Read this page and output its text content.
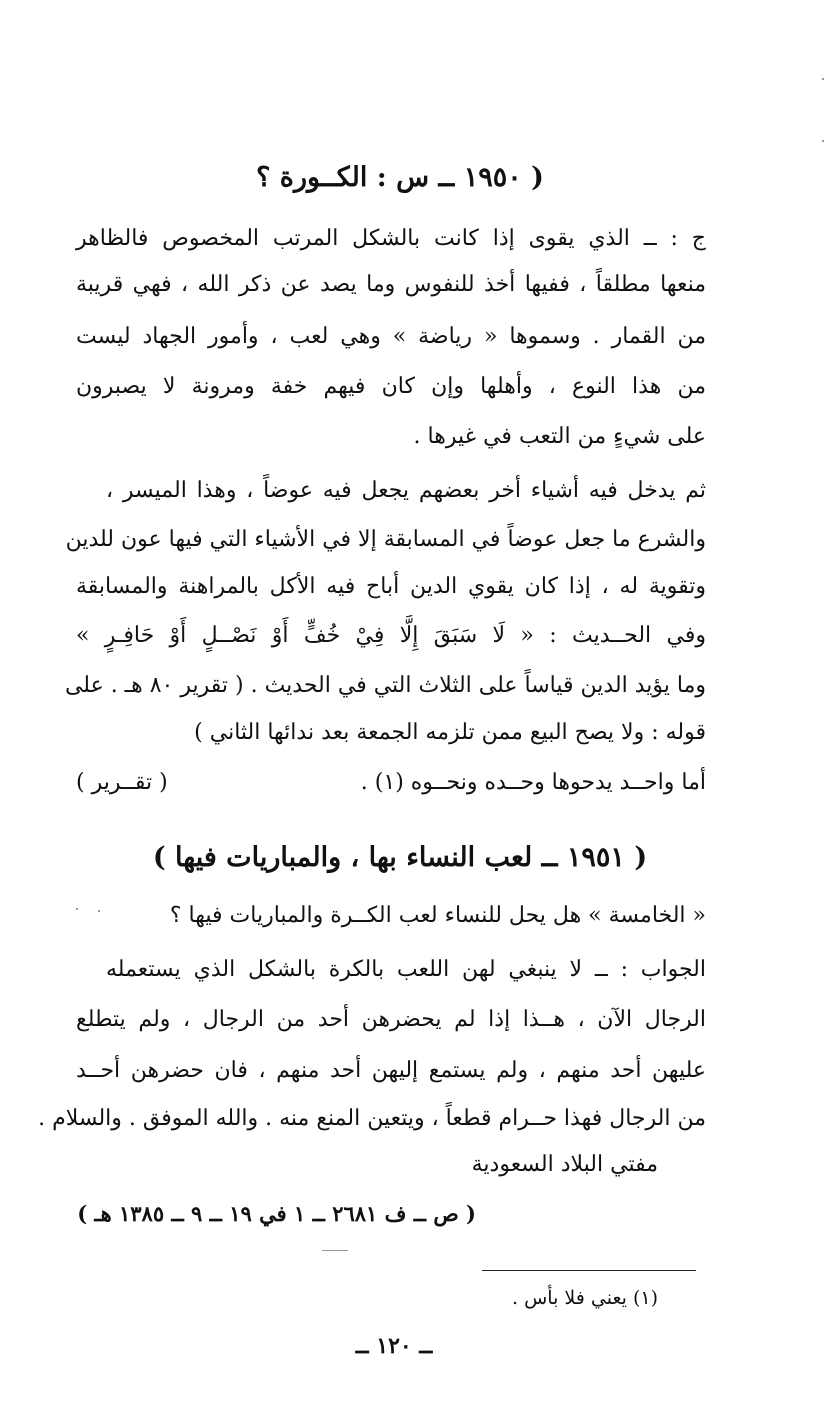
( ١٩٥٠ ــ س : الكــورة ؟
ج : ــ الذي يقوى إذا كانت بالشكل المرتب المخصوص فالظاهر
منعها مطلقاً ، ففيها أخذ للنفوس وما يصد عن ذكر الله ، فهي قريبة
من القمار . وسموها « رياضة » وهي لعب ، وأمور الجهاد ليست
من هذا النوع ، وأهلها وإن كان فيهم خفة ومرونة لا يصبرون
على شيءٍ من التعب في غيرها .
ثم يدخل فيه أشياء أخر بعضهم يجعل فيه عوضاً ، وهذا الميسر ،
والشرع ما جعل عوضاً في المسابقة إلا في الأشياء التي فيها عون للدين
وتقوية له ، إذا كان يقوي الدين أباح فيه الأكل بالمراهنة والمسابقة
وفي الحــديث : « لَا سَبَقَ إِلَّا فِيْ خُفٍّ أَوْ نَصْــلٍ أَوْ حَافِـرٍ »
وما يؤيد الدين قياساً على الثلاث التي في الحديث . ( تقرير ٨٠ هـ . على
قوله : ولا يصح البيع ممن تلزمه الجمعة بعد ندائها الثاني )
أما واحــد يدحوها وحــده ونحــوه (١) .
( تقــرير )
( ١٩٥١ ــ لعب النساء بها ، والمباريات فيها )
« الخامسة » هل يحل للنساء لعب الكــرة والمباريات فيها ؟
الجواب : ــ لا ينبغي لهن اللعب بالكرة بالشكل الذي يستعمله
الرجال الآن ، هــذا إذا لم يحضرهن أحد من الرجال ، ولم يتطلع
عليهن أحد منهم ، ولم يستمع إليهن أحد منهم ، فان حضرهن أحــد
من الرجال فهذا حــرام قطعاً ، ويتعين المنع منه . والله الموفق . والسلام .
مفتي البلاد السعودية
( ص ــ ف ٢٦٨١ ــ ١ في ١٩ ــ ٩ ــ ١٣٨٥ هـ )
(١) يعني فلا بأس .
ــ ١٢٠ ــ
